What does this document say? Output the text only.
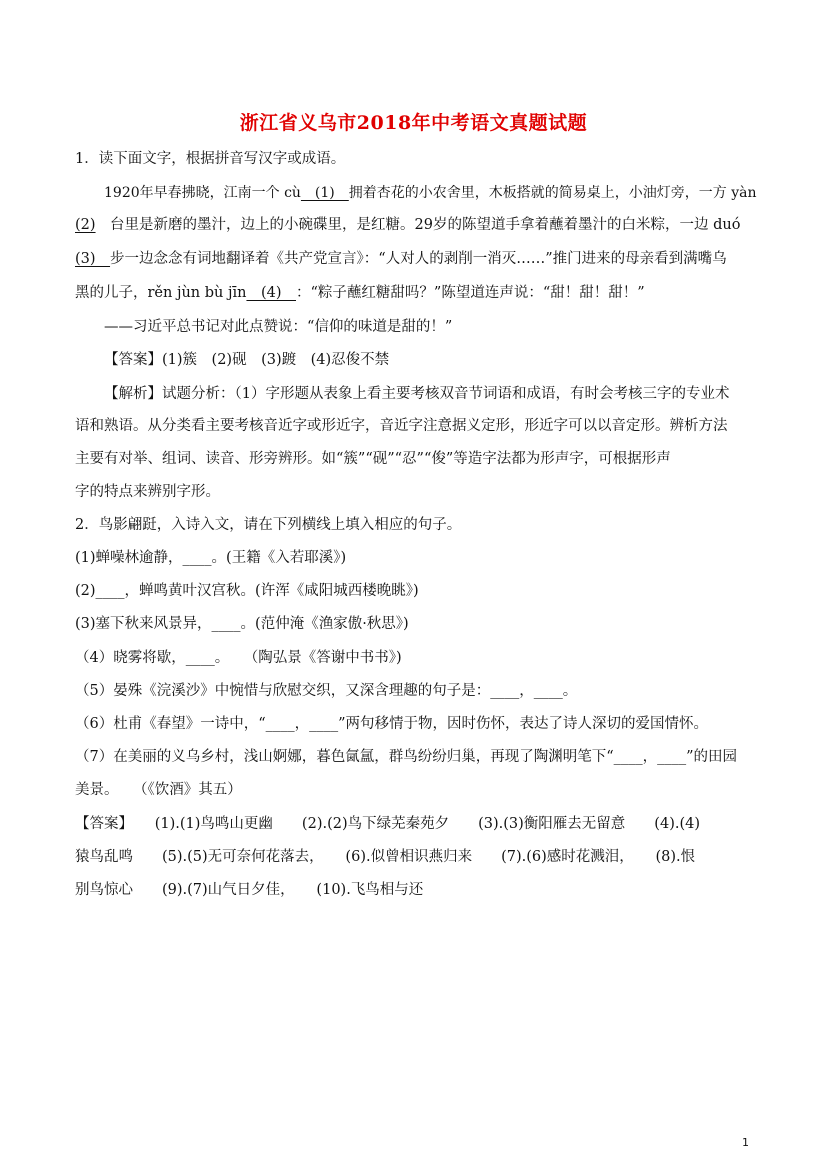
浙江省义乌市2018年中考语文真题试题
1．读下面文字，根据拼音写汉字或成语。
1920年早春拂晓，江南一个 cù　(1)　拥着杏花的小农舍里，木板搭就的简易桌上，小油灯旁，一方 yàn
(2)　台里是新磨的墨汁，边上的小碗碟里，是红糖。29岁的陈望道手拿着蘸着墨汁的白米粽，一边 duó
(3)　步一边念念有词地翻译着《共产党宣言》：“人对人的剥削一消灭……”推门进来的母亲看到满嘴乌
黑的儿子，rěn jùn bù jīn　(4)　：“粽子蘸红糖甜吗？”陈望道连声说：“甜！甜！甜！”
——习近平总书记对此点赞说：“信仰的味道是甜的！”
【答案】(1)簇　(2)砚　(3)踱　(4)忍俊不禁
【解析】试题分析：（1）字形题从表象上看主要考核双音节词语和成语，有时会考核三字的专业术
语和熟语。从分类看主要考核音近字或形近字，音近字注意据义定形，形近字可以以音定形。辨析方法
主要有对举、组词、读音、形旁辨形。如“簇”“砚”“忍”“俊”等造字法都为形声字，可根据形声
字的特点来辨别字形。
2．鸟影翩跹，入诗入文，请在下列横线上填入相应的句子。
(1)蝉噪林逾静，____。(王籍《入若耶溪》)
(2)____，蝉鸣黄叶汉宫秋。(许浑《咸阳城西楼晚眺》)
(3)塞下秋来风景异，____。(范仲淹《渔家傲·秋思》)
（4）晓雾将歇，____。　　（陶弘景《答谢中书书》)
（5）晏殊《浣溪沙》中惋惜与欣慰交织，又深含理趣的句子是：____，____。
（6）杜甫《春望》一诗中，“____，____”两句移情于物，因时伤怀，表达了诗人深切的爱国情怀。
（7）在美丽的义乌乡村，浅山婀娜，暮色氤氲，群鸟纷纷归巢，再现了陶渊明笔下“____，____”的田园
美景。　　（《饮酒》其五）
【答案】　　(1).(1)鸟鸣山更幽　　(2).(2)鸟下绿芜秦苑夕　　(3).(3)衡阳雁去无留意　　(4).(4)
猿鸟乱鸣　　(5).(5)无可奈何花落去，　　(6).似曾相识燕归来　　(7).(6)感时花溅泪，　　(8).恨
别鸟惊心　　(9).(7)山气日夕佳，　　(10).飞鸟相与还
1
